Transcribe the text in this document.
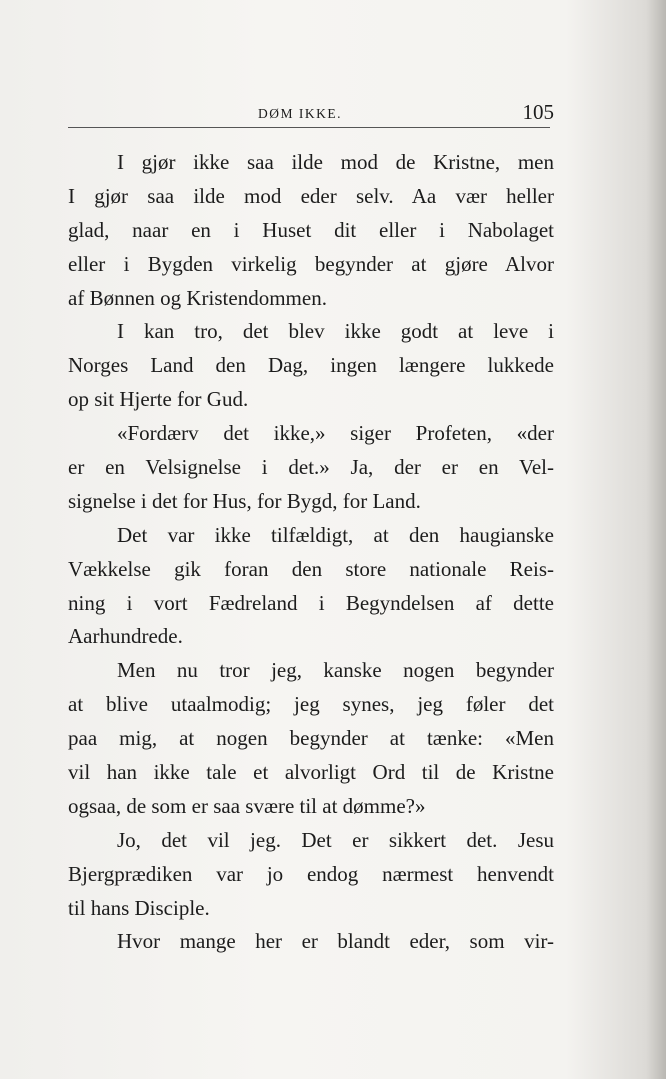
DØM IKKE.	105
I gjør ikke saa ilde mod de Kristne, men
I gjør saa ilde mod eder selv. Aa vær heller
glad, naar en i Huset dit eller i Nabolaget
eller i Bygden virkelig begynder at gjøre Alvor
af Bønnen og Kristendommen.
I kan tro, det blev ikke godt at leve i
Norges Land den Dag, ingen længere lukkede
op sit Hjerte for Gud.
«Fordærv det ikke,» siger Profeten, «der
er en Velsignelse i det.» Ja, der er en Vel-
signelse i det for Hus, for Bygd, for Land.
Det var ikke tilfældigt, at den haugianske
Vækkelse gik foran den store nationale Reis-
ning i vort Fædreland i Begyndelsen af dette
Aarhundrede.
Men nu tror jeg, kanske nogen begynder
at blive utaalmodig; jeg synes, jeg føler det
paa mig, at nogen begynder at tænke: «Men
vil han ikke tale et alvorligt Ord til de Kristne
ogsaa, de som er saa svære til at dømme?»
Jo, det vil jeg. Det er sikkert det. Jesu
Bjergprædiken var jo endog nærmest henvendt
til hans Disciple.
Hvor mange her er blandt eder, som vir-
